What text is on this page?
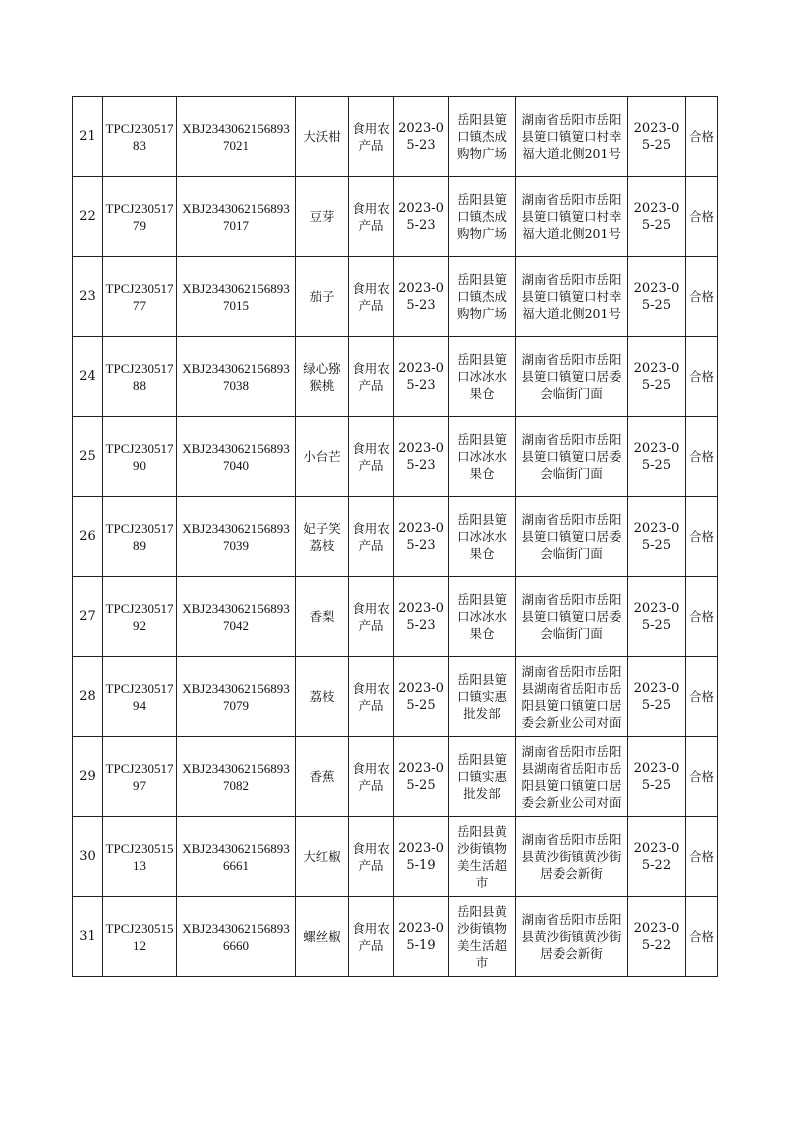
21	TPCJ23051783	XBJ23430621568937021	大沃柑	食用农产品	2023-05-23	岳阳县筻口镇杰成购物广场	湖南省岳阳市岳阳县筻口镇筻口村幸福大道北侧201号	2023-05-25	合格
22	TPCJ23051779	XBJ23430621568937017	豆芽	食用农产品	2023-05-23	岳阳县筻口镇杰成购物广场	湖南省岳阳市岳阳县筻口镇筻口村幸福大道北侧201号	2023-05-25	合格
23	TPCJ23051777	XBJ23430621568937015	茄子	食用农产品	2023-05-23	岳阳县筻口镇杰成购物广场	湖南省岳阳市岳阳县筻口镇筻口村幸福大道北侧201号	2023-05-25	合格
24	TPCJ23051788	XBJ23430621568937038	绿心猕猴桃	食用农产品	2023-05-23	岳阳县筻口冰冰水果仓	湖南省岳阳市岳阳县筻口镇筻口居委会临街门面	2023-05-25	合格
25	TPCJ23051790	XBJ23430621568937040	小台芒	食用农产品	2023-05-23	岳阳县筻口冰冰水果仓	湖南省岳阳市岳阳县筻口镇筻口居委会临街门面	2023-05-25	合格
26	TPCJ23051789	XBJ23430621568937039	妃子笑荔枝	食用农产品	2023-05-23	岳阳县筻口冰冰水果仓	湖南省岳阳市岳阳县筻口镇筻口居委会临街门面	2023-05-25	合格
27	TPCJ23051792	XBJ23430621568937042	香梨	食用农产品	2023-05-23	岳阳县筻口冰冰水果仓	湖南省岳阳市岳阳县筻口镇筻口居委会临街门面	2023-05-25	合格
28	TPCJ23051794	XBJ23430621568937079	荔枝	食用农产品	2023-05-25	岳阳县筻口镇实惠批发部	湖南省岳阳市岳阳县湖南省岳阳市岳阳县筻口镇筻口居委会新业公司对面	2023-05-25	合格
29	TPCJ23051797	XBJ23430621568937082	香蕉	食用农产品	2023-05-25	岳阳县筻口镇实惠批发部	湖南省岳阳市岳阳县湖南省岳阳市岳阳县筻口镇筻口居委会新业公司对面	2023-05-25	合格
30	TPCJ23051513	XBJ23430621568936661	大红椒	食用农产品	2023-05-19	岳阳县黄沙街镇物美生活超市	湖南省岳阳市岳阳县黄沙街镇黄沙街居委会新街	2023-05-22	合格
31	TPCJ23051512	XBJ23430621568936660	螺丝椒	食用农产品	2023-05-19	岳阳县黄沙街镇物美生活超市	湖南省岳阳市岳阳县黄沙街镇黄沙街居委会新街	2023-05-22	合格
